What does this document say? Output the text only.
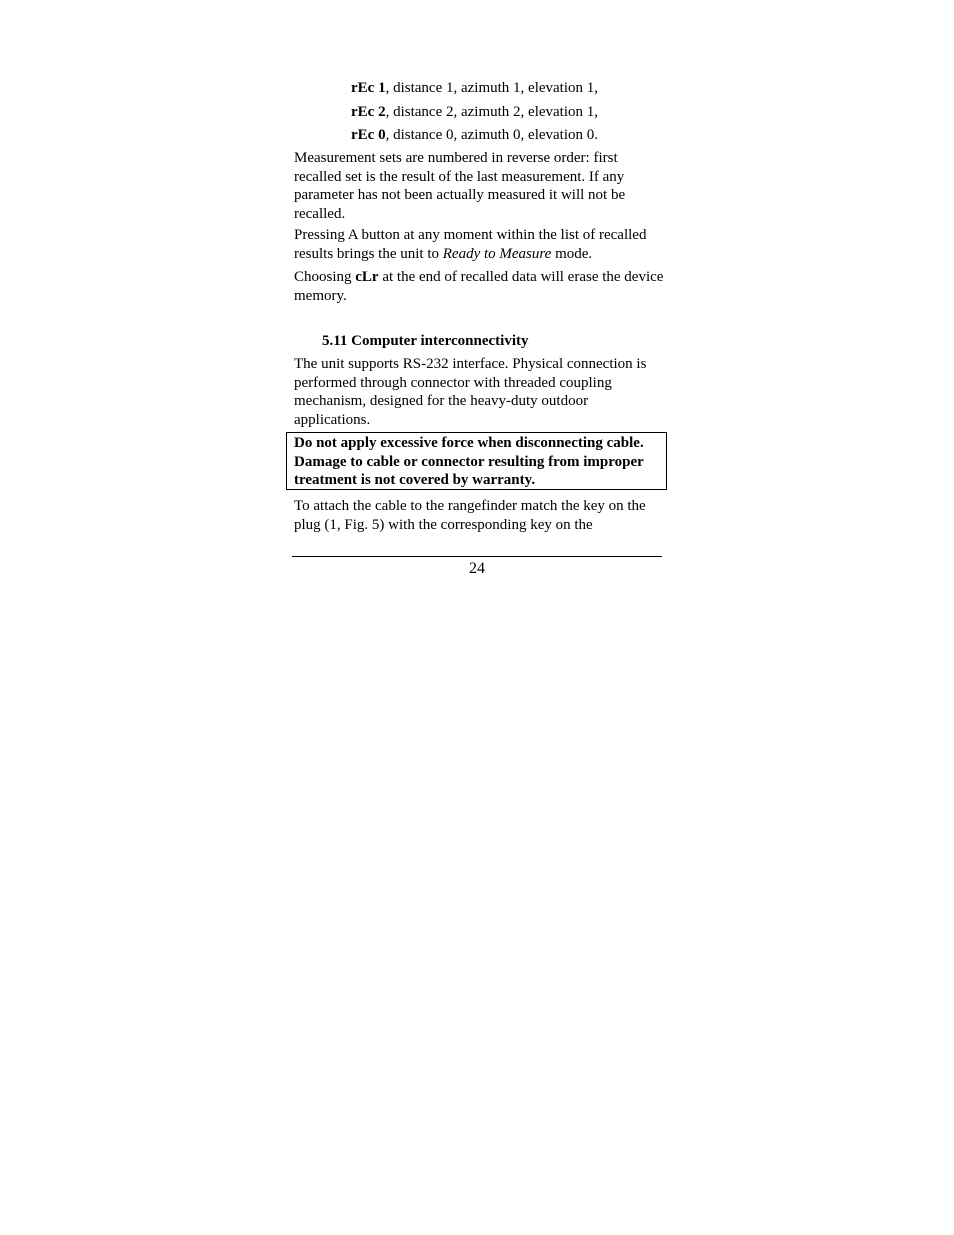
rEc 1, distance 1, azimuth 1, elevation 1,
rEc 2, distance 2, azimuth 2, elevation 1,
rEc 0, distance 0, azimuth 0, elevation 0.
Measurement sets are numbered in reverse order: first recalled set is the result of the last measurement. If any parameter has not been actually measured it will not be recalled.
Pressing A button at any moment within the list of recalled results brings the unit to Ready to Measure mode.
Choosing cLr at the end of recalled data will erase the device memory.
5.11 Computer interconnectivity
The unit supports RS-232 interface. Physical connection is performed through connector with threaded coupling mechanism, designed for the heavy-duty outdoor applications.
Do not apply excessive force when disconnecting cable. Damage to cable or connector resulting from improper treatment is not covered by warranty.
To attach the cable to the rangefinder match the key on the plug (1, Fig. 5) with the corresponding key on the
24
